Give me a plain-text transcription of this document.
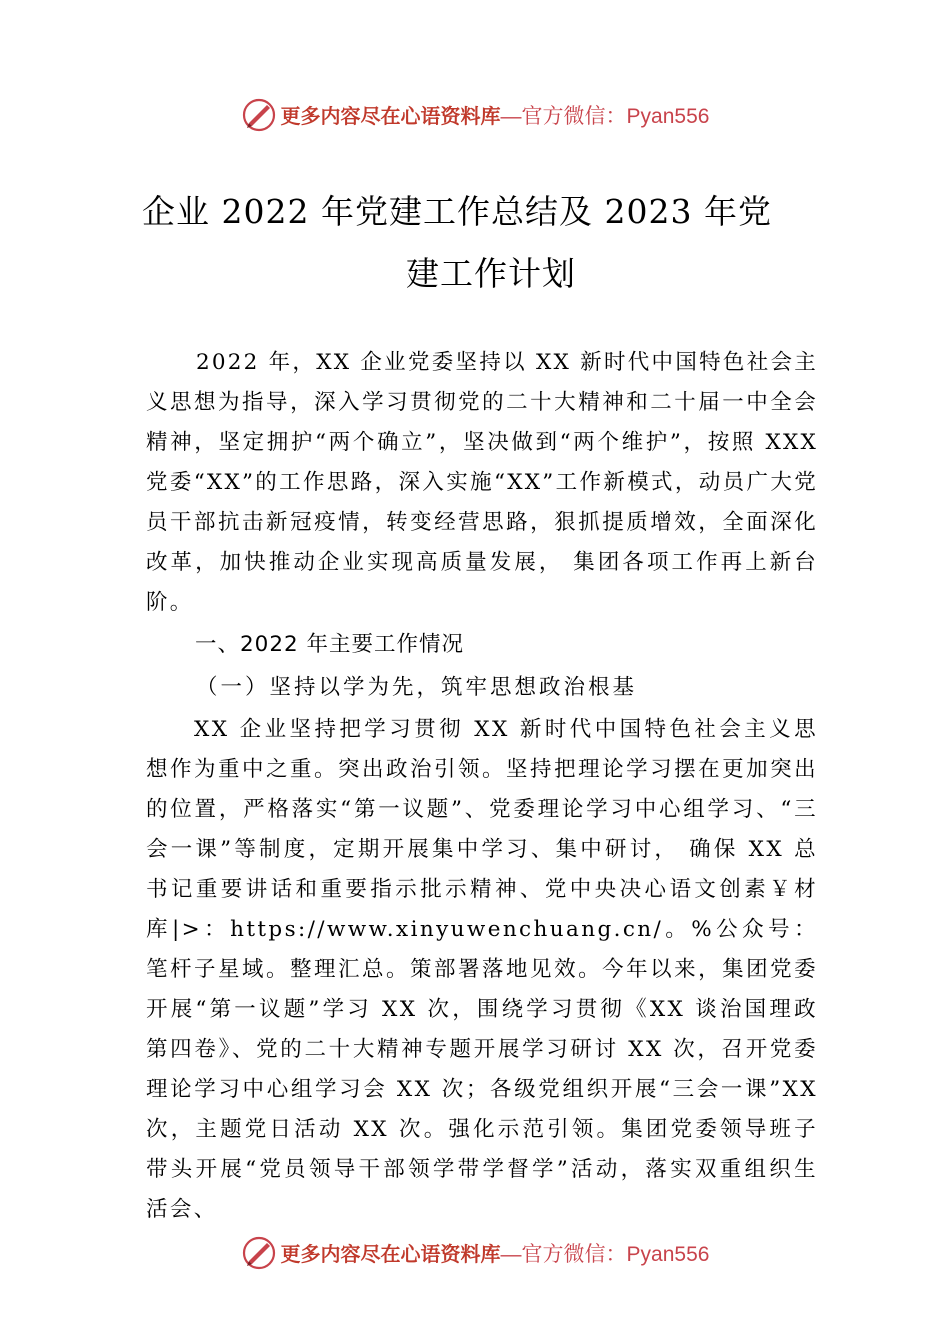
更多内容尽在心语资料库—官方微信：Pyan556
企业 2022 年党建工作总结及 2023 年党
建工作计划
2022 年，XX 企业党委坚持以 XX 新时代中国特色社会主义思想为指导，深入学习贯彻党的二十大精神和二十届一中全会精神，坚定拥护“两个确立”，坚决做到“两个维护”，按照 XXX 党委“XX”的工作思路，深入实施“XX”工作新模式，动员广大党员干部抗击新冠疫情，转变经营思路，狠抓提质增效，全面深化改革，加快推动企业实现高质量发展， 集团各项工作再上新台阶。
一、2022 年主要工作情况
（一）坚持以学为先，筑牢思想政治根基
XX 企业坚持把学习贯彻 XX 新时代中国特色社会主义思想作为重中之重。突出政治引领。坚持把理论学习摆在更加突出的位置，严格落实“第一议题”、党委理论学习中心组学习、“三会一课”等制度，定期开展集中学习、集中研讨， 确保 XX 总书记重要讲话和重要指示批示精神、党中央决心语文创素￥材库|>：https://www.xinyuwenchuang.cn/。%公众号：笔杆子星域。整理汇总。策部署落地见效。今年以来，集团党委开展“第一议题”学习 XX 次，围绕学习贯彻《XX 谈治国理政第四卷》、党的二十大精神专题开展学习研讨 XX 次，召开党委理论学习中心组学习会 XX 次；各级党组织开展“三会一课”XX 次，主题党日活动 XX 次。强化示范引领。集团党委领导班子带头开展“党员领导干部领学带学督学”活动，落实双重组织生活会、
更多内容尽在心语资料库—官方微信：Pyan556
